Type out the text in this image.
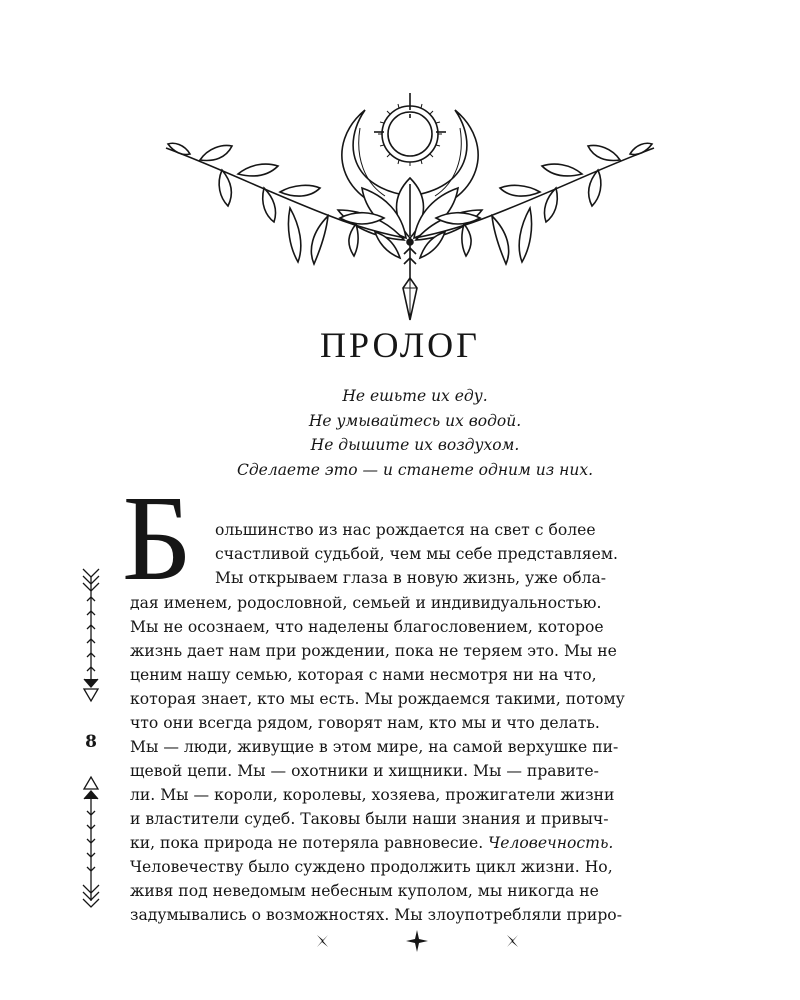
ПРОЛОГ
Не ешьте их еду.
Не умывайтесь их водой.
Не дышите их воздухом.
Сделаете это — и станете одним из них.
Б ольшинство из нас рождается на свет с более
счастливой судьбой, чем мы себе представляем.
Мы открываем глаза в новую жизнь, уже обла-
дая именем, родословной, семьей и индивидуальностью.
Мы не осознаем, что наделены благословением, которое
жизнь дает нам при рождении, пока не теряем это. Мы не
ценим нашу семью, которая с нами несмотря ни на что,
которая знает, кто мы есть. Мы рождаемся такими, потому
что они всегда рядом, говорят нам, кто мы и что делать.
Мы — люди, живущие в этом мире, на самой верхушке пи-
щевой цепи. Мы — охотники и хищники. Мы — правите-
ли. Мы — короли, королевы, хозяева, прожигатели жизни
и властители судеб. Таковы были наши знания и привыч-
ки, пока природа не потеряла равновесие. Человечность.
Человечеству было суждено продолжить цикл жизни. Но,
живя под неведомым небесным куполом, мы никогда не
задумывались о возможностях. Мы злоупотребляли приро-
8
